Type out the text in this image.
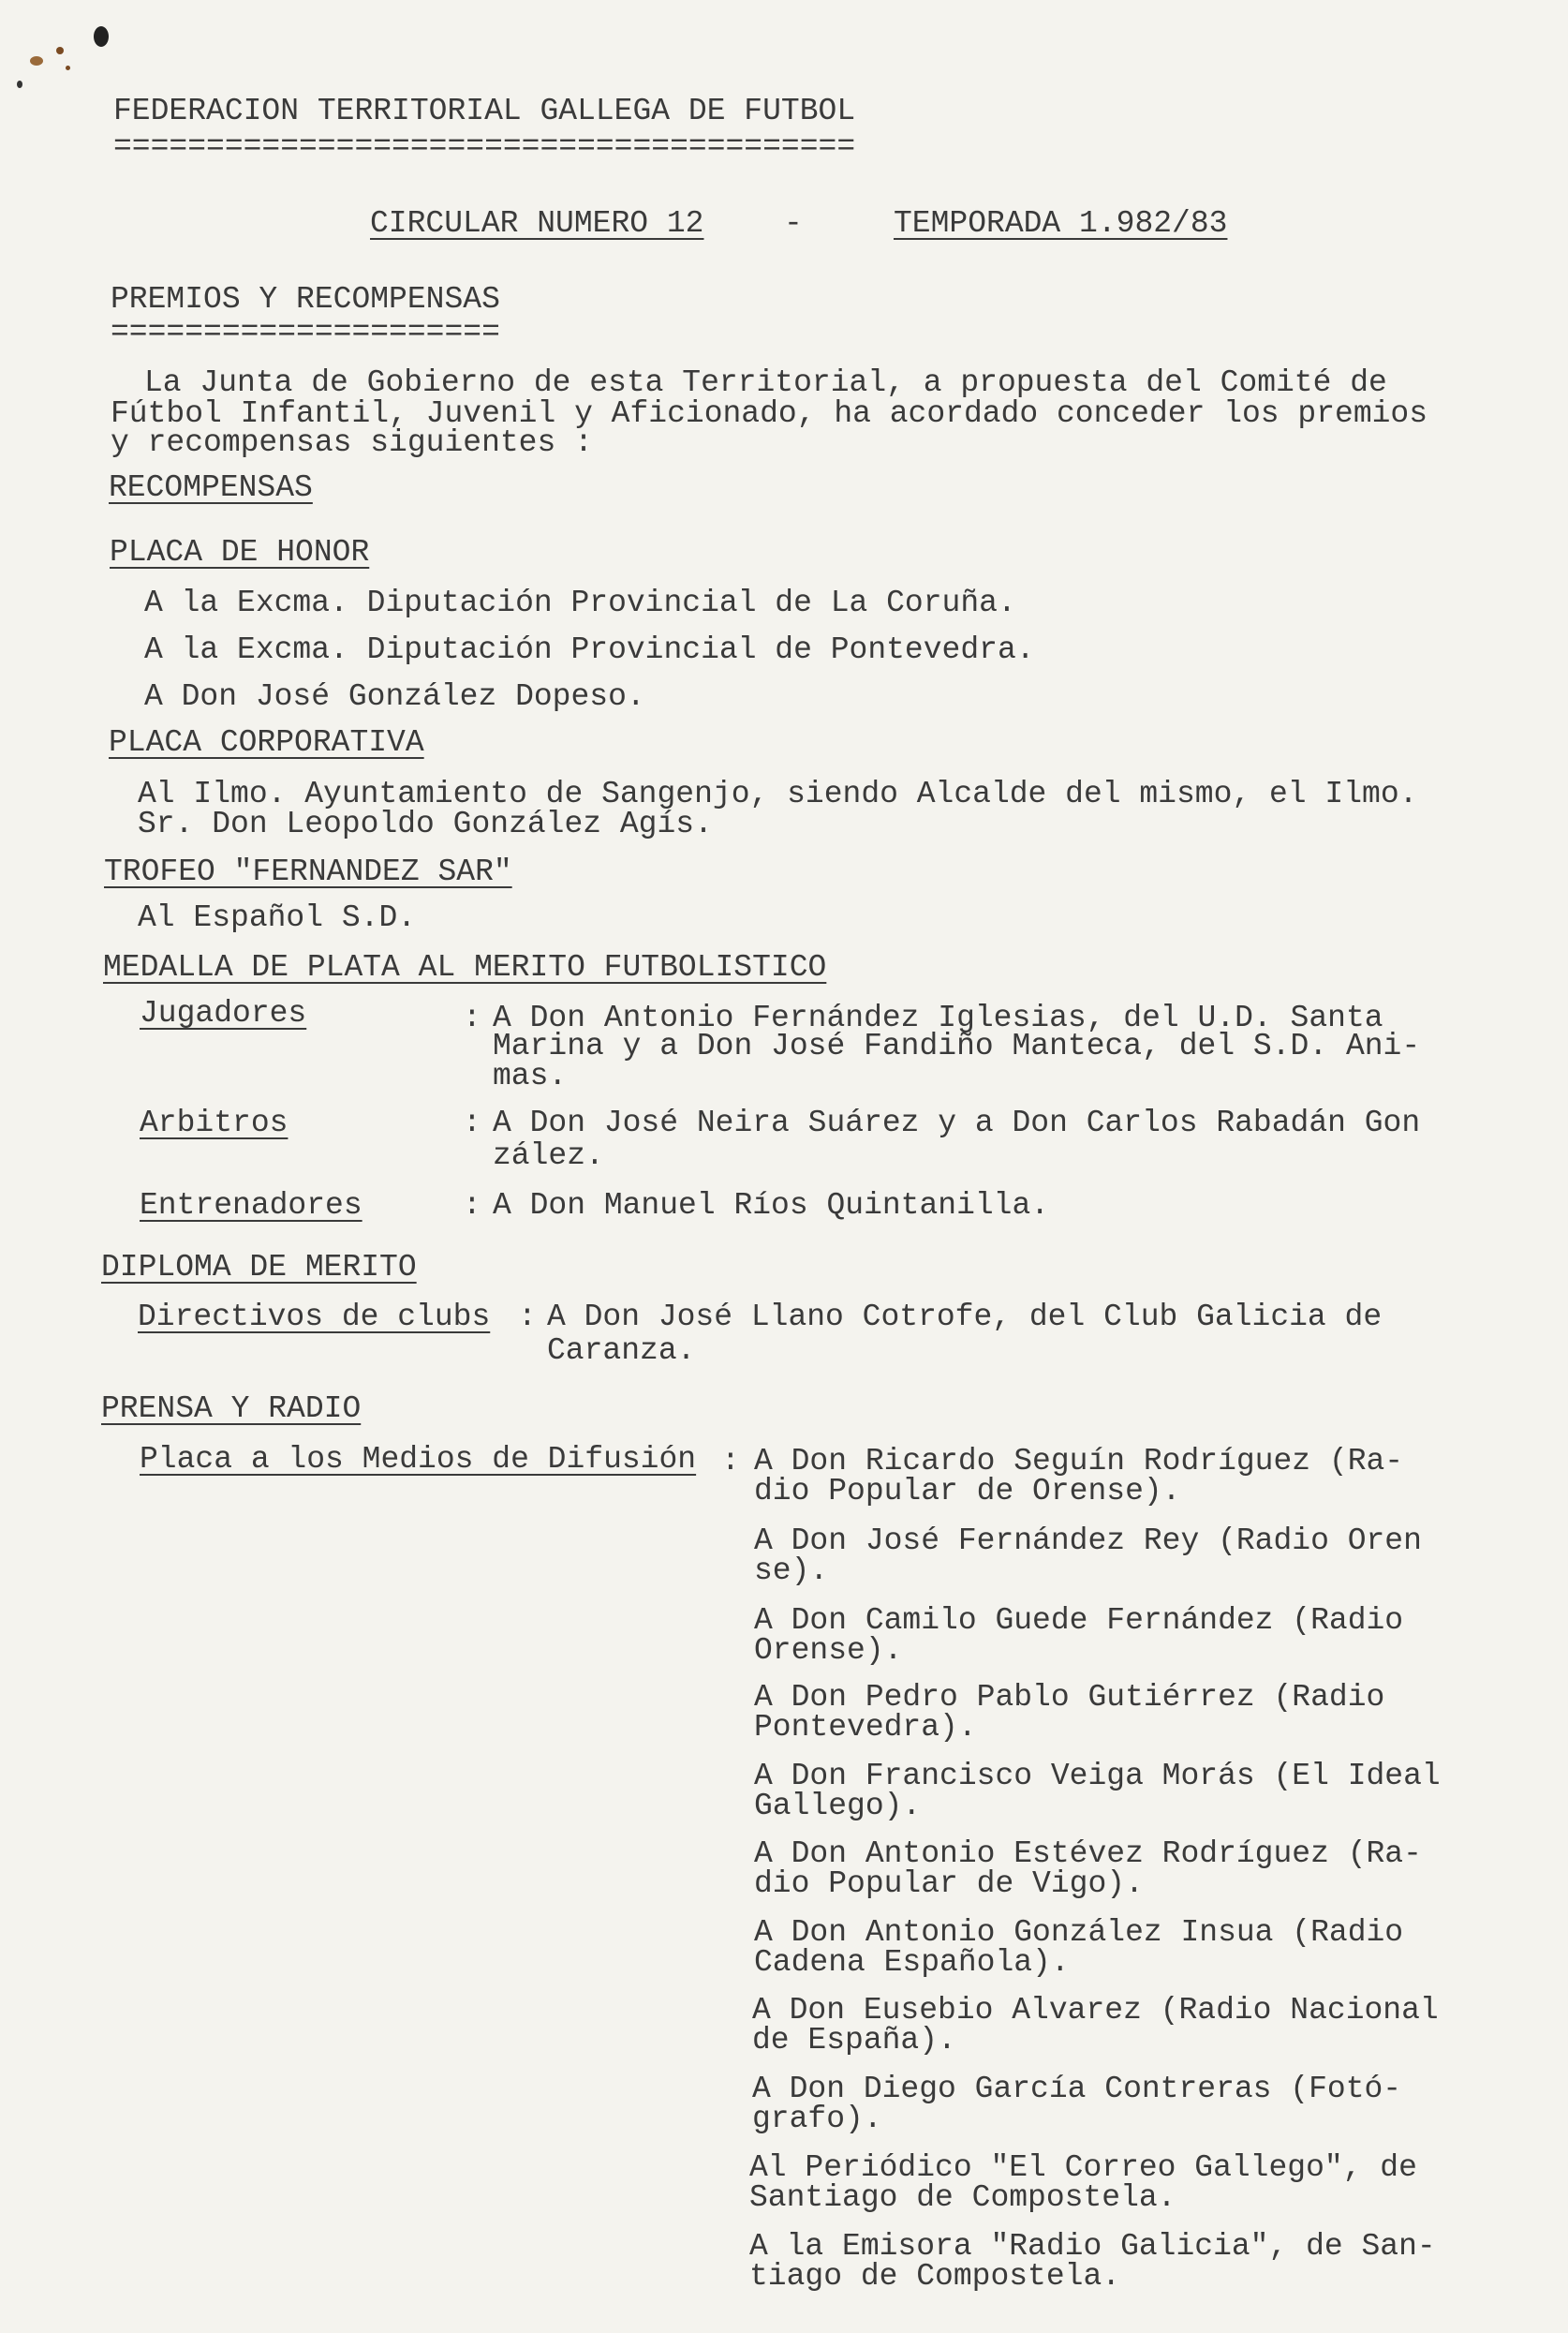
FEDERACION TERRITORIAL GALLEGA DE FUTBOL
========================================
CIRCULAR NUMERO 12	-	TEMPORADA 1.982/83
PREMIOS Y RECOMPENSAS
=====================
La Junta de Gobierno de esta Territorial, a propuesta del Comité de
Fútbol Infantil, Juvenil y Aficionado, ha acordado conceder los premios
y recompensas siguientes :
RECOMPENSAS
PLACA DE HONOR
A la Excma. Diputación Provincial de La Coruña.
A la Excma. Diputación Provincial de Pontevedra.
A Don José González Dopeso.
PLACA CORPORATIVA
Al Ilmo. Ayuntamiento de Sangenjo, siendo Alcalde del mismo, el Ilmo.
Sr. Don Leopoldo González Agís.
TROFEO "FERNANDEZ SAR"
Al Español S.D.
MEDALLA DE PLATA AL MERITO FUTBOLISTICO
Jugadores	: A Don Antonio Fernández Iglesias, del U.D. Santa
Marina y a Don José Fandiño Manteca, del S.D. Ani-
mas.
Arbitros	: A Don José Neira Suárez y a Don Carlos Rabadán Gon
zález.
Entrenadores	: A Don Manuel Ríos Quintanilla.
DIPLOMA DE MERITO
Directivos de clubs : A Don José Llano Cotrofe, del Club Galicia de
Caranza.
PRENSA Y RADIO
Placa a los Medios de Difusión : A Don Ricardo Seguín Rodríguez (Ra-
dio Popular de Orense).
A Don José Fernández Rey (Radio Oren
se).
A Don Camilo Guede Fernández (Radio
Orense).
A Don Pedro Pablo Gutiérrez (Radio
Pontevedra).
A Don Francisco Veiga Morás (El Ideal
Gallego).
A Don Antonio Estévez Rodríguez (Ra-
dio Popular de Vigo).
A Don Antonio González Insua (Radio
Cadena Española).
A Don Eusebio Alvarez (Radio Nacional
de España).
A Don Diego García Contreras (Fotó-
grafo).
Al Periódico "El Correo Gallego", de
Santiago de Compostela.
A la Emisora "Radio Galicia", de San-
tiago de Compostela.
